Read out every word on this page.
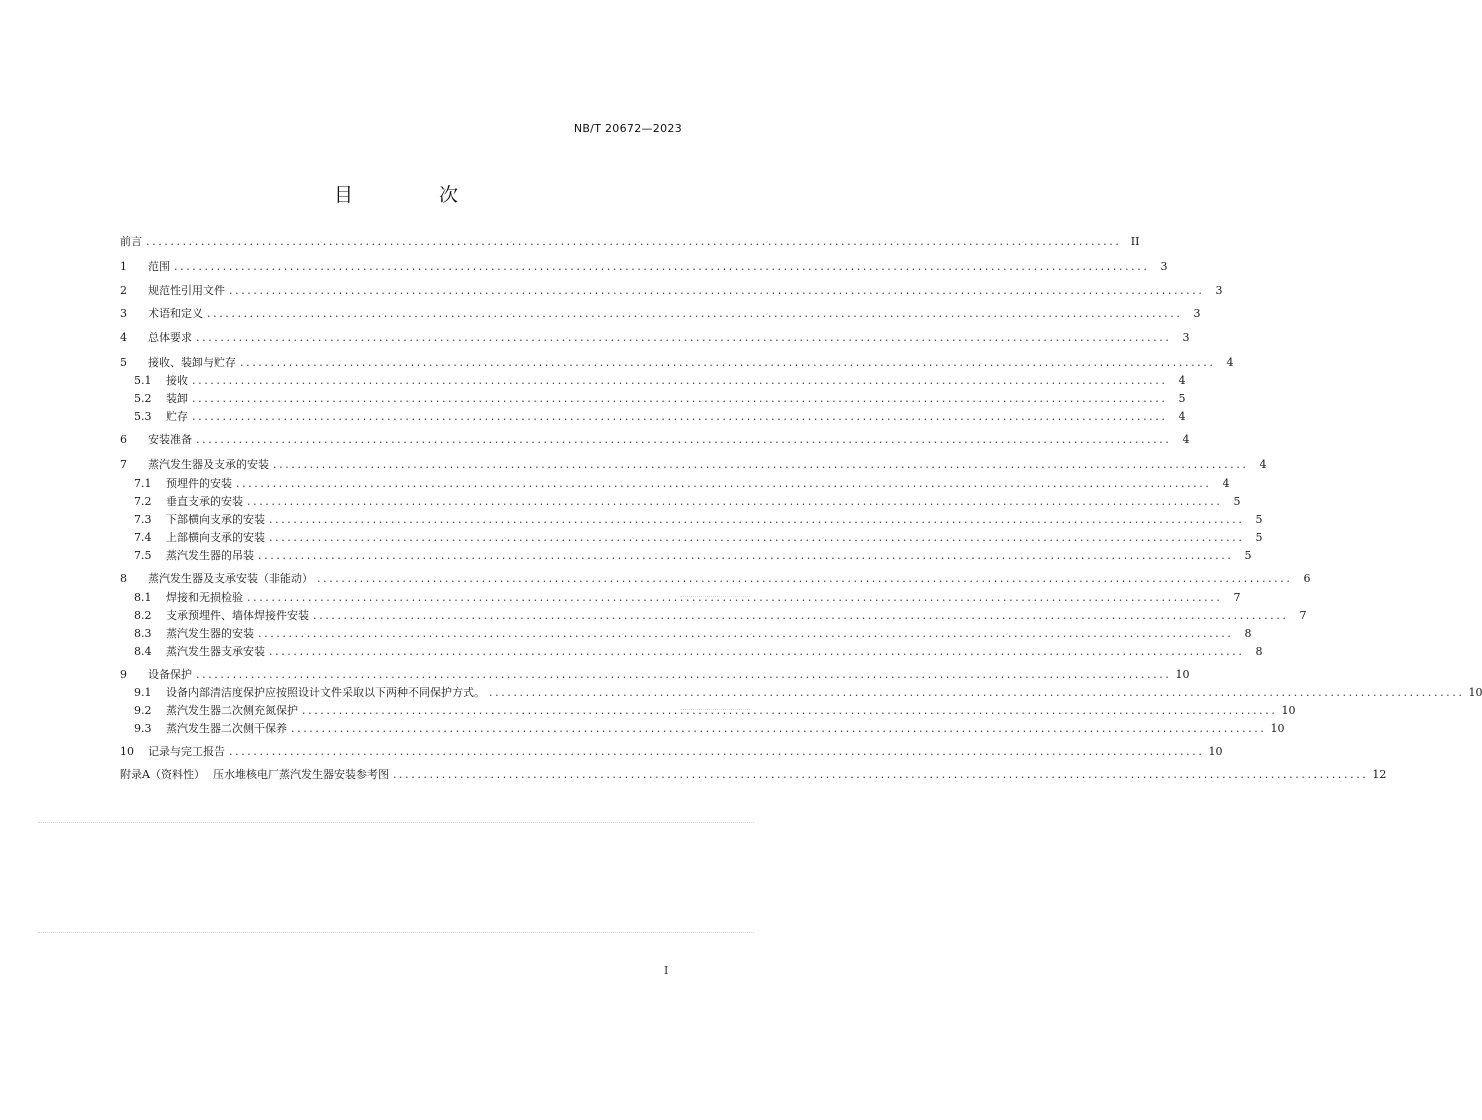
NB/T 20672—2023
目 次
前言 ................................................................................................................................................................ II
1	范围 ................................................................................................................................................................	3
2	规范性引用文件 ................................................................................................................................................................	3
3	术语和定义 ................................................................................................................................................................	3
4	总体要求 ................................................................................................................................................................	3
5	接收、装卸与贮存 ................................................................................................................................................................	4
5.1	接收 ................................................................................................................................................................	4
5.2	装卸 ................................................................................................................................................................	5
5.3	贮存 ................................................................................................................................................................	4
6	安装准备 ................................................................................................................................................................	4
7	蒸汽发生器及支承的安装 ................................................................................................................................................................	4
7.1	预埋件的安装 ................................................................................................................................................................	4
7.2	垂直支承的安装 ................................................................................................................................................................	5
7.3	下部横向支承的安装 ................................................................................................................................................................	5
7.4	上部横向支承的安装 ................................................................................................................................................................	5
7.5	蒸汽发生器的吊装 ................................................................................................................................................................	5
8	蒸汽发生器及支承安装（非能动） ................................................................................................................................................................	6
8.1	焊接和无损检验 ................................................................................................................................................................	7
8.2	支承预埋件、墙体焊接件安装 ................................................................................................................................................................	7
8.3	蒸汽发生器的安装 ................................................................................................................................................................	8
8.4	蒸汽发生器支承安装 ................................................................................................................................................................	8
9	设备保护 ................................................................................................................................................................ 10
9.1	设备内部清洁度保护应按照设计文件采取以下两种不同保护方式。 ................................................................................................................................................................ 10
9.2	蒸汽发生器二次侧充氮保护 ................................................................................................................................................................ 10
9.3	蒸汽发生器二次侧干保养 ................................................................................................................................................................ 10
10	记录与完工报告 ................................................................................................................................................................ 10
附录A（资料性） 压水堆核电厂蒸汽发生器安装参考图 ................................................................................................................................................................ 12
I
